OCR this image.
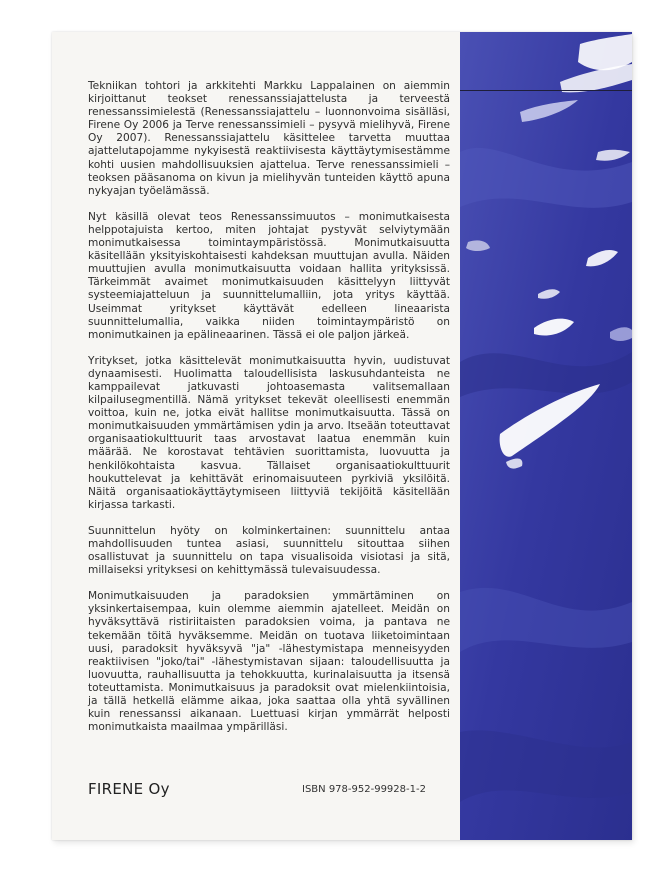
Tekniikan tohtori ja arkkitehti Markku Lappalainen on aiemmin kirjoittanut teokset renessanssiajattelusta ja terveestä renessanssimielestä (Renessanssiajattelu – luonnonvoima sisälläsi, Firene Oy 2006 ja Terve renessanssimieli – pysyvä mielihyvä, Firene Oy 2007). Renessanssiajattelu käsittelee tarvetta muuttaa ajattelutapojamme nykyisestä reaktiivisesta käyttäytymisestämme kohti uusien mahdollisuuksien ajattelua. Terve renessanssimieli –teoksen pääsanoma on kivun ja mielihyvän tunteiden käyttö apuna nykyajan työelämässä.

Nyt käsillä olevat teos Renessanssimuutos – monimutkaisesta helppotajuista kertoo, miten johtajat pystyvät selviytymään monimutkaisessa toimintaympäristössä. Monimutkaisuutta käsitellään yksityiskohtaisesti kahdeksan muuttujan avulla. Näiden muuttujien avulla monimutkaisuutta voidaan hallita yrityksissä. Tärkeimmät avaimet monimutkaisuuden käsittelyyn liittyvät systeemiajatteluun ja suunnittelumalliin, jota yritys käyttää. Useimmat yritykset käyttävät edelleen lineaarista suunnittelumallia, vaikka niiden toimintaympäristö on monimutkainen ja epälineaarinen. Tässä ei ole paljon järkeä.

Yritykset, jotka käsittelevät monimutkaisuutta hyvin, uudistuvat dynaamisesti. Huolimatta taloudellisista laskusuhdanteista ne kamppailevat jatkuvasti johtoasemasta valitsemallaan kilpailusegmentillä. Nämä yritykset tekevät oleellisesti enemmän voittoa, kuin ne, jotka eivät hallitse monimutkaisuutta. Tässä on monimutkaisuuden ymmärtämisen ydin ja arvo. Itseään toteuttavat organisaatiokulttuurit taas arvostavat laatua enemmän kuin määrää. Ne korostavat tehtävien suorittamista, luovuutta ja henkilökohtaista kasvua. Tällaiset organisaatiokulttuurit houkuttelevat ja kehittävät erinomaisuuteen pyrkiviä yksilöitä. Näitä organisaatiokäyttäytymiseen liittyviä tekijöitä käsitellään kirjassa tarkasti.

Suunnittelun hyöty on kolminkertainen: suunnittelu antaa mahdollisuuden tuntea asiasi, suunnittelu sitouttaa siihen osallistuvat ja suunnittelu on tapa visualisoida visiotasi ja sitä, millaiseksi yrityksesi on kehittymässä tulevaisuudessa.

Monimutkaisuuden ja paradoksien ymmärtäminen on yksinkertaisempaa, kuin olemme aiemmin ajatelleet. Meidän on hyväksyttävä ristiriitaisten paradoksien voima, ja pantava ne tekemään töitä hyväksemme. Meidän on tuotava liiketoimintaan uusi, paradoksit hyväksyvä "ja" -lähestymistapa menneisyyden reaktiivisen "joko/tai" -lähestymistavan sijaan: taloudellisuutta ja luovuutta, rauhallisuutta ja tehokkuutta, kurinalaisuutta ja itsensä toteuttamista. Monimutkaisuus ja paradoksit ovat mielenkiintoisia, ja tällä hetkellä elämme aikaa, joka saattaa olla yhtä syvällinen kuin renessanssi aikanaan. Luettuasi kirjan ymmärrät helposti monimutkaista maailmaa ympärilläsi.

FIRENE Oy	ISBN 978-952-99928-1-2
